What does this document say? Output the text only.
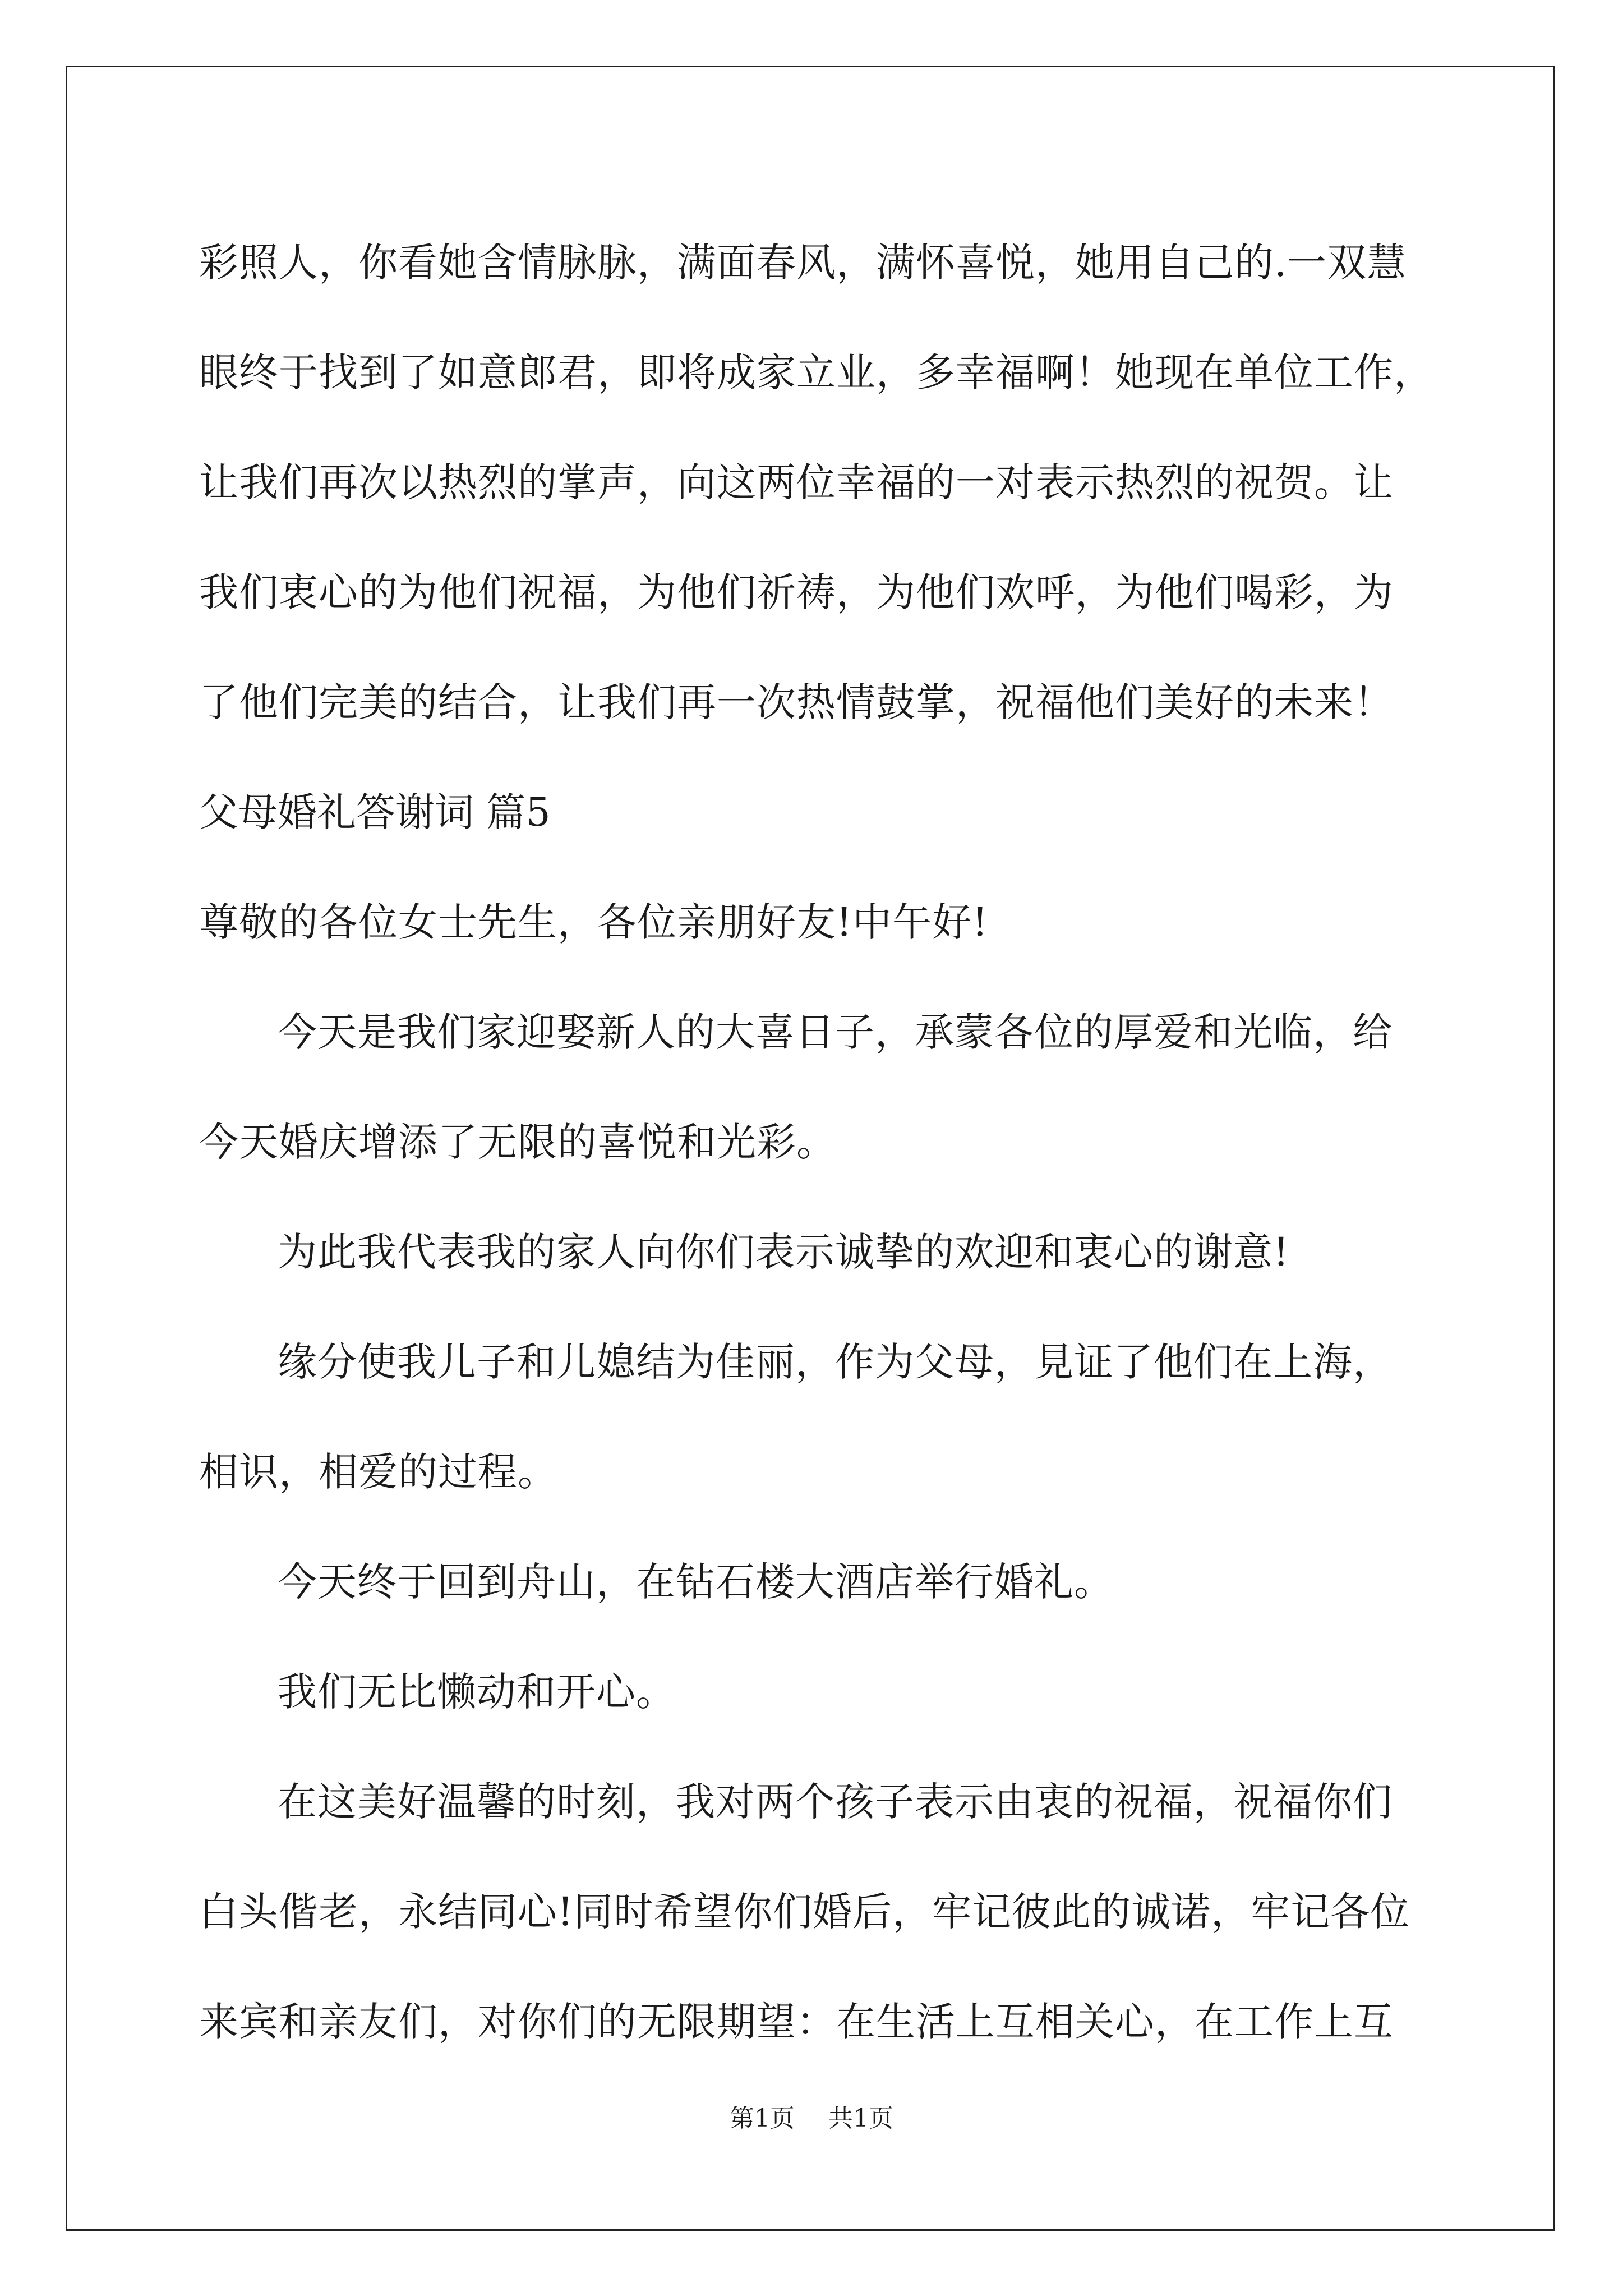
彩照人，你看她含情脉脉，满面春风，满怀喜悦，她用自己的.一双慧
眼终于找到了如意郎君，即将成家立业，多幸福啊！她现在单位工作，
让我们再次以热烈的掌声，向这两位幸福的一对表示热烈的祝贺。让
我们衷心的为他们祝福，为他们祈祷，为他们欢呼，为他们喝彩，为
了他们完美的结合，让我们再一次热情鼓掌，祝福他们美好的未来！
父母婚礼答谢词 篇5
尊敬的各位女士先生，各位亲朋好友!中午好!
今天是我们家迎娶新人的大喜日子，承蒙各位的厚爱和光临，给
今天婚庆增添了无限的喜悦和光彩。
为此我代表我的家人向你们表示诚挚的欢迎和衷心的谢意!
缘分使我儿子和儿媳结为佳丽，作为父母，見证了他们在上海，
相识，相爱的过程。
今天终于回到舟山，在钻石楼大酒店举行婚礼。
我们无比懒动和开心。
在这美好温馨的时刻，我对两个孩子表示由衷的祝福，祝福你们
白头偕老，永结同心!同时希望你们婚后，牢记彼此的诚诺，牢记各位
来宾和亲友们，对你们的无限期望：在生活上互相关心，在工作上互
第1页 共1页
